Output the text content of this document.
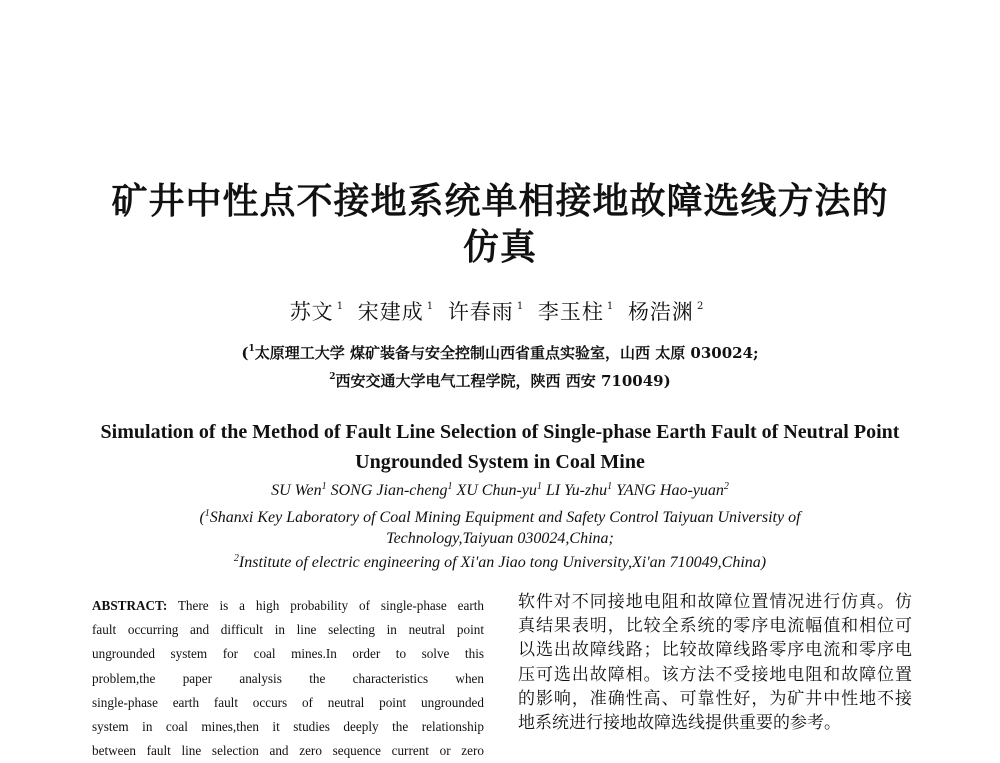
矿井中性点不接地系统单相接地故障选线方法的
仿真
苏文 $^1$ 宋建成 $^1$ 许春雨 $^1$ 李玉柱 $^1$ 杨浩渊 $^2$
($^1$太原理工大学 煤矿装备与安全控制山西省重点实验室，山西 太原 030024;
$^2$西安交通大学电气工程学院，陕西 西安 710049)
Simulation of the Method of Fault Line Selection of Single-phase Earth Fault of Neutral Point
Ungrounded System in Coal Mine
SU Wen$^1$ SONG Jian-cheng$^1$ XU Chun-$yu^1$ LI Yu-zhu$^1$ YANG Hao-yuan$^2$
($^1$Shanxi Key Laboratory of Coal Mining Equipment and Safety Control Taiyuan University of
Technology,Taiyuan 030024,China;
$^2$Institute of electric engineering of Xi'an Jiao tong University,Xi'an 710049,China)
ABSTRACT: There is a high probability of single-phase earth
fault occurring and difficult in line selecting in neutral point
ungrounded system for coal mines.In order to solve this
problem,the paper analysis the characteristics when
single-phase earth fault occurs of neutral point ungrounded
system in coal mines,then it studies deeply the relationship
between fault line selection and zero sequence current or zero
软件对不同接地电阻和故障位置情况进行仿真。仿
真结果表明，比较全系统的零序电流幅值和相位可
以选出故障线路；比较故障线路零序电流和零序电
压可选出故障相。该方法不受接地电阻和故障位置
的影响，准确性高、可靠性好，为矿井中性地不接
地系统进行接地故障选线提供重要的参考。
